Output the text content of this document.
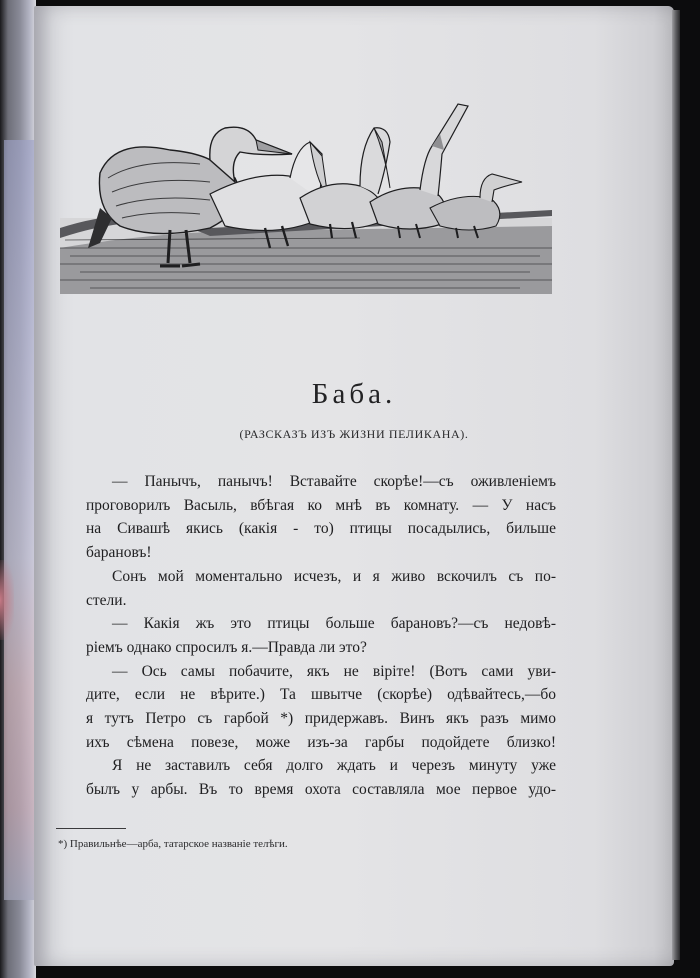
Баба.
(РАЗСКАЗЪ ИЗЪ ЖИЗНИ ПЕЛИКАНА).
— Панычъ, панычъ! Вставайте скорѣе!—съ оживленiемъ
проговорилъ Васыль, вбѣгая ко мнѣ въ комнату. — У насъ
на Сивашѣ якись (какiя - то) птицы посадылись, бильше
барановъ!
Сонъ мой моментально исчезъ, и я живо вскочилъ съ по-
стели.
— Какiя жъ это птицы больше барановъ?—съ недовѣ-
рiемъ однако спросилъ я.—Правда ли это?
— Ось самы побачите, якъ не вiрiте! (Вотъ сами уви-
дите, если не вѣрите.) Та швытче (скорѣе) одѣвайтесь,—бо
я тутъ Петро съ гарбой *) придержавъ. Винъ якъ разъ мимо
ихъ сѣмена повезе, може изъ-за гарбы подойдете близко!
Я не заставилъ себя долго ждать и черезъ минуту уже
былъ у арбы. Въ то время охота составляла мое первое удо-
*) Правильнѣе—арба, татарское названiе телѣги.
